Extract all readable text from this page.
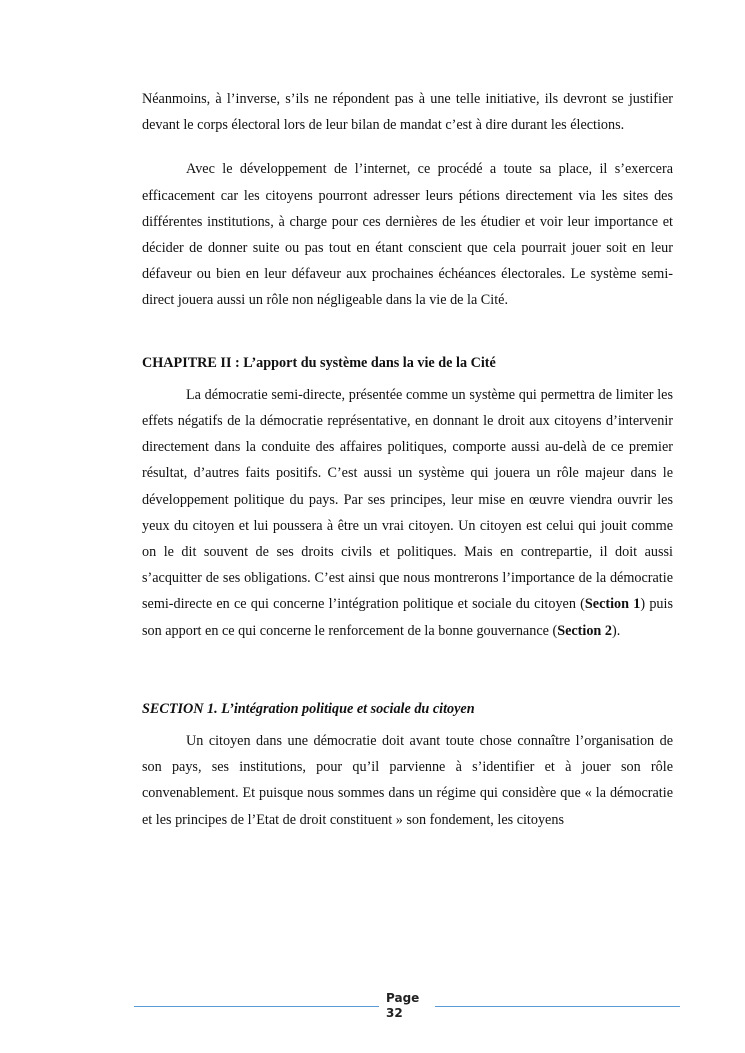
Néanmoins, à l’inverse, s’ils ne répondent pas à une telle initiative, ils devront se justifier devant le corps électoral lors de leur bilan de mandat c’est à dire durant les élections.

Avec le développement de l’internet, ce procédé a toute sa place, il s’exercera efficacement car les citoyens pourront adresser leurs pétions directement via les sites des différentes institutions, à charge pour ces dernières de les étudier et voir leur importance et décider de donner suite ou pas tout en étant conscient que cela pourrait jouer soit en leur défaveur ou bien en leur défaveur aux prochaines échéances électorales. Le système semi-direct jouera aussi un rôle non négligeable dans la vie de la Cité.

CHAPITRE II : L’apport du système dans la vie de la Cité

La démocratie semi-directe, présentée comme un système qui permettra de limiter les effets négatifs de la démocratie représentative, en donnant le droit aux citoyens d’intervenir directement dans la conduite des affaires politiques, comporte aussi au-delà de ce premier résultat, d’autres faits positifs. C’est aussi un système qui jouera un rôle majeur dans le développement politique du pays. Par ses principes, leur mise en œuvre viendra ouvrir les yeux du citoyen et lui poussera à être un vrai citoyen. Un citoyen est celui qui jouit comme on le dit souvent de ses droits civils et politiques. Mais en contrepartie, il doit aussi s’acquitter de ses obligations. C’est ainsi que nous montrerons l’importance de la démocratie semi-directe en ce qui concerne l’intégration politique et sociale du citoyen (Section 1) puis son apport en ce qui concerne le renforcement de la bonne gouvernance (Section 2).

SECTION 1. L’intégration politique et sociale du citoyen

Un citoyen dans une démocratie doit avant toute chose connaître l’organisation de son pays, ses institutions, pour qu’il parvienne à s’identifier et à jouer son rôle convenablement. Et puisque nous sommes dans un régime qui considère que « la démocratie et les principes de l’Etat de droit constituent » son fondement, les citoyens

Page
32
